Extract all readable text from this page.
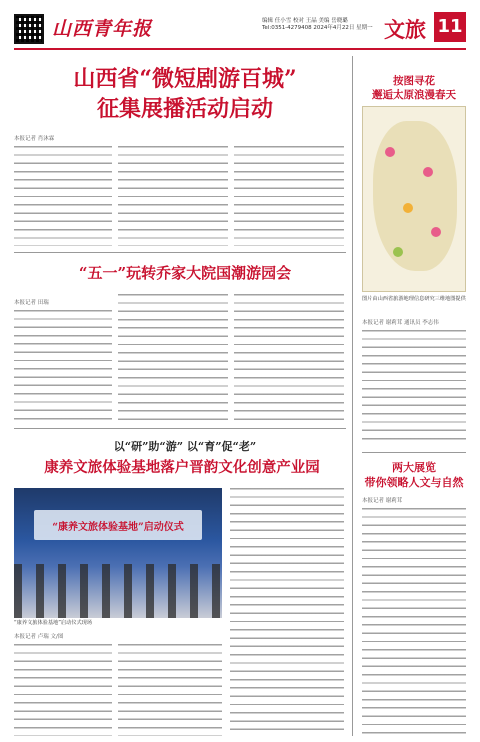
山西青年报	编辑 任小雪 校对 王晶 美编 岳晓璐
Tel:0351-4279408 2024年4月22日 星期一 文旅 11
山西省“微短剧游百城”
征集展播活动启动
本报记者 肖沐霖
“五一”玩转乔家大院国潮游园会
本报记者 田瑞
以“研”助“游” 以“育”促“老”
康养文旅体验基地落户晋韵文化创意产业园
“康养文旅体验基地”启动仪式
“康养文旅体验基地”启动仪式现场
本报记者 卢瑞 文/图
按图寻花
邂逅太原浪漫春天
图片由山西省旅游地理信息研究三维地图提供
本报记者 谢莉茸 通讯员 李志伟
两大展览
带你领略人文与自然
本报记者 谢莉茸
